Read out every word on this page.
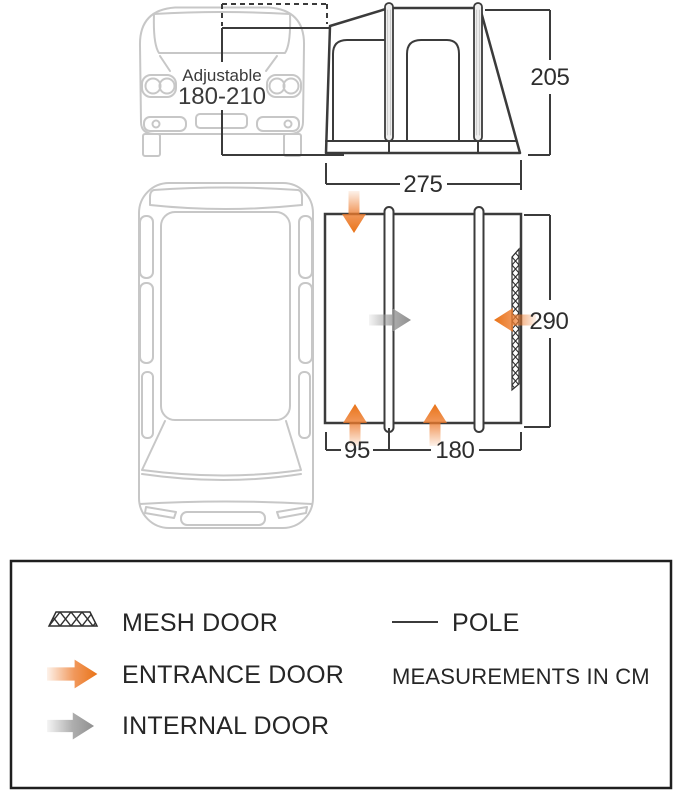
Adjustable
180-210
205
275
290
95	180
MESH DOOR
ENTRANCE DOOR
INTERNAL DOOR
POLE
MEASUREMENTS IN CM
